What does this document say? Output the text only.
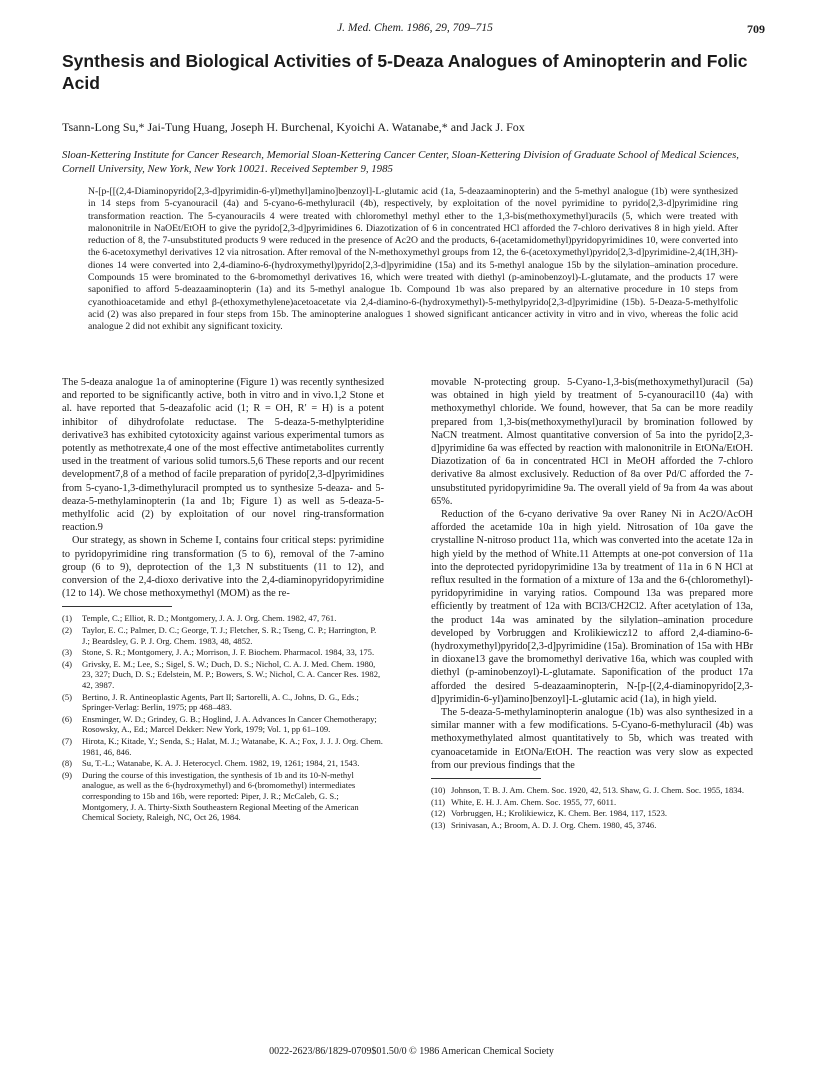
J. Med. Chem. 1986, 29, 709–715	709
Synthesis and Biological Activities of 5-Deaza Analogues of Aminopterin and Folic Acid
Tsann-Long Su,* Jai-Tung Huang, Joseph H. Burchenal, Kyoichi A. Watanabe,* and Jack J. Fox
Sloan-Kettering Institute for Cancer Research, Memorial Sloan-Kettering Cancer Center, Sloan-Kettering Division of Graduate School of Medical Sciences, Cornell University, New York, New York 10021. Received September 9, 1985
N-[p-[[(2,4-Diaminopyrido[2,3-d]pyrimidin-6-yl)methyl]amino]benzoyl]-L-glutamic acid (1a, 5-deazaaminopterin) and the 5-methyl analogue (1b) were synthesized in 14 steps from 5-cyanouracil (4a) and 5-cyano-6-methyluracil (4b), respectively, by exploitation of the novel pyrimidine to pyrido[2,3-d]pyrimidine ring transformation reaction. The 5-cyanouracils 4 were treated with chloromethyl methyl ether to the 1,3-bis(methoxymethyl)uracils (5, which were treated with malononitrile in NaOEt/EtOH to give the pyrido[2,3-d]pyrimidines 6. Diazotization of 6 in concentrated HCl afforded the 7-chloro derivatives 8 in high yield. After reduction of 8, the 7-unsubstituted products 9 were reduced in the presence of Ac2O and the products, 6-(acetamidomethyl)pyridopyrimidines 10, were converted into the 6-acetoxymethyl derivatives 12 via nitrosation. After removal of the N-methoxymethyl groups from 12, the 6-(acetoxymethyl)pyrido[2,3-d]pyrimidine-2,4(1H,3H)-diones 14 were converted into 2,4-diamino-6-(hydroxymethyl)pyrido[2,3-d]pyrimidine (15a) and its 5-methyl analogue 15b by the silylation–amination procedure. Compounds 15 were brominated to the 6-bromomethyl derivatives 16, which were treated with diethyl (p-aminobenzoyl)-L-glutamate, and the products 17 were saponified to afford 5-deazaaminopterin (1a) and its 5-methyl analogue 1b. Compound 1b was also prepared by an alternative procedure in 10 steps from cyanothioacetamide and ethyl β-(ethoxymethylene)acetoacetate via 2,4-diamino-6-(hydroxymethyl)-5-methylpyrido[2,3-d]pyrimidine (15b). 5-Deaza-5-methylfolic acid (2) was also prepared in four steps from 15b. The aminopterine analogues 1 showed significant anticancer activity in vitro and in vivo, whereas the folic acid analogue 2 did not exhibit any significant toxicity.

The 5-deaza analogue 1a of aminopterine (Figure 1) was recently synthesized and reported to be significantly active, both in vitro and in vivo.1,2 Stone et al. have reported that 5-deazafolic acid (1; R = OH, R′ = H) is a potent inhibitor of dihydrofolate reductase. The 5-deaza-5-methylpteridine derivative3 has exhibited cytotoxicity against various experimental tumors as potently as methotrexate,4 one of the most effective antimetabolites currently used in the treatment of various solid tumors.5,6 These reports and our recent development7,8 of a method of facile preparation of pyrido[2,3-d]pyrimidines from 5-cyano-1,3-dimethyluracil prompted us to synthesize 5-deaza- and 5-deaza-5-methylaminopterin (1a and 1b; Figure 1) as well as 5-deaza-5-methylfolic acid (2) by exploitation of our novel ring-transformation reaction.9

Our strategy, as shown in Scheme I, contains four critical steps: pyrimidine to pyridopyrimidine ring transformation (5 to 6), removal of the 7-amino group (6 to 9), deprotection of the 1,3 N substituents (11 to 12), and conversion of the 2,4-dioxo derivative into the 2,4-diaminopyridopyrimidine (12 to 14). We chose methoxymethyl (MOM) as the re-

(1)	Temple, C.; Elliot, R. D.; Montgomery, J. A. J. Org. Chem. 1982, 47, 761.
(2)	Taylor, E. C.; Palmer, D. C.; George, T. J.; Fletcher, S. R.; Tseng, C. P.; Harrington, P. J.; Beardsley, G. P. J. Org. Chem. 1983, 48, 4852.
(3)	Stone, S. R.; Montgomery, J. A.; Morrison, J. F. Biochem. Pharmacol. 1984, 33, 175.
(4)	Grivsky, E. M.; Lee, S.; Sigel, S. W.; Duch, D. S.; Nichol, C. A. J. Med. Chem. 1980, 23, 327; Duch, D. S.; Edelstein, M. P.; Bowers, S. W.; Nichol, C. A. Cancer Res. 1982, 42, 3987.
(5)	Bertino, J. R. Antineoplastic Agents, Part II; Sartorelli, A. C., Johns, D. G., Eds.; Springer-Verlag: Berlin, 1975; pp 468–483.
(6)	Ensminger, W. D.; Grindey, G. B.; Hoglind, J. A. Advances In Cancer Chemotherapy; Rosowsky, A., Ed.; Marcel Dekker: New York, 1979; Vol. 1, pp 61–109.
(7)	Hirota, K.; Kitade, Y.; Senda, S.; Halat, M. J.; Watanabe, K. A.; Fox, J. J. J. Org. Chem. 1981, 46, 846.
(8)	Su, T.-L.; Watanabe, K. A. J. Heterocycl. Chem. 1982, 19, 1261; 1984, 21, 1543.
(9)	During the course of this investigation, the synthesis of 1b and its 10-N-methyl analogue, as well as the 6-(hydroxymethyl) and 6-(bromomethyl) intermediates corresponding to 15b and 16b, were reported: Piper, J. R.; McCaleb, G. S.; Montgomery, J. A. Thirty-Sixth Southeastern Regional Meeting of the American Chemical Society, Raleigh, NC, Oct 26, 1984.

movable N-protecting group. 5-Cyano-1,3-bis(methoxymethyl)uracil (5a) was obtained in high yield by treatment of 5-cyanouracil10 (4a) with methoxymethyl chloride. We found, however, that 5a can be more readily prepared from 1,3-bis(methoxymethyl)uracil by bromination followed by NaCN treatment. Almost quantitative conversion of 5a into the pyrido[2,3-d]pyrimidine 6a was effected by reaction with malononitrile in EtONa/EtOH. Diazotization of 6a in concentrated HCl in MeOH afforded the 7-chloro derivative 8a almost exclusively. Reduction of 8a over Pd/C afforded the 7-unsubstituted pyridopyrimidine 9a. The overall yield of 9a from 4a was about 65%.

Reduction of the 6-cyano derivative 9a over Raney Ni in Ac2O/AcOH afforded the acetamide 10a in high yield. Nitrosation of 10a gave the crystalline N-nitroso product 11a, which was converted into the acetate 12a in high yield by the method of White.11 Attempts at one-pot conversion of 11a into the deprotected pyridopyrimidine 13a by treatment of 11a in 6 N HCl at reflux resulted in the formation of a mixture of 13a and the 6-(chloromethyl)-pyridopyrimidine in varying ratios. Compound 13a was prepared more efficiently by treatment of 12a with BCl3/CH2Cl2. After acetylation of 13a, the product 14a was aminated by the silylation–amination procedure developed by Vorbruggen and Krolikiewicz12 to afford 2,4-diamino-6-(hydroxymethyl)pyrido[2,3-d]pyrimidine (15a). Bromination of 15a with HBr in dioxane13 gave the bromomethyl derivative 16a, which was coupled with diethyl (p-aminobenzoyl)-L-glutamate. Saponification of the product 17a afforded the desired 5-deazaaminopterin, N-[p-[(2,4-diaminopyrido[2,3-d]pyrimidin-6-yl)amino]benzoyl]-L-glutamic acid (1a), in high yield.

The 5-deaza-5-methylaminopterin analogue (1b) was also synthesized in a similar manner with a few modifications. 5-Cyano-6-methyluracil (4b) was methoxymethylated almost quantitatively to 5b, which was treated with cyanoacetamide in EtONa/EtOH. The reaction was very slow as expected from our previous findings that the

(10) Johnson, T. B. J. Am. Chem. Soc. 1920, 42, 513. Shaw, G. J. Chem. Soc. 1955, 1834.
(11) White, E. H. J. Am. Chem. Soc. 1955, 77, 6011.
(12) Vorbruggen, H.; Krolikiewicz, K. Chem. Ber. 1984, 117, 1523.
(13) Srinivasan, A.; Broom, A. D. J. Org. Chem. 1980, 45, 3746.
0022-2623/86/1829-0709$01.50/0 © 1986 American Chemical Society
